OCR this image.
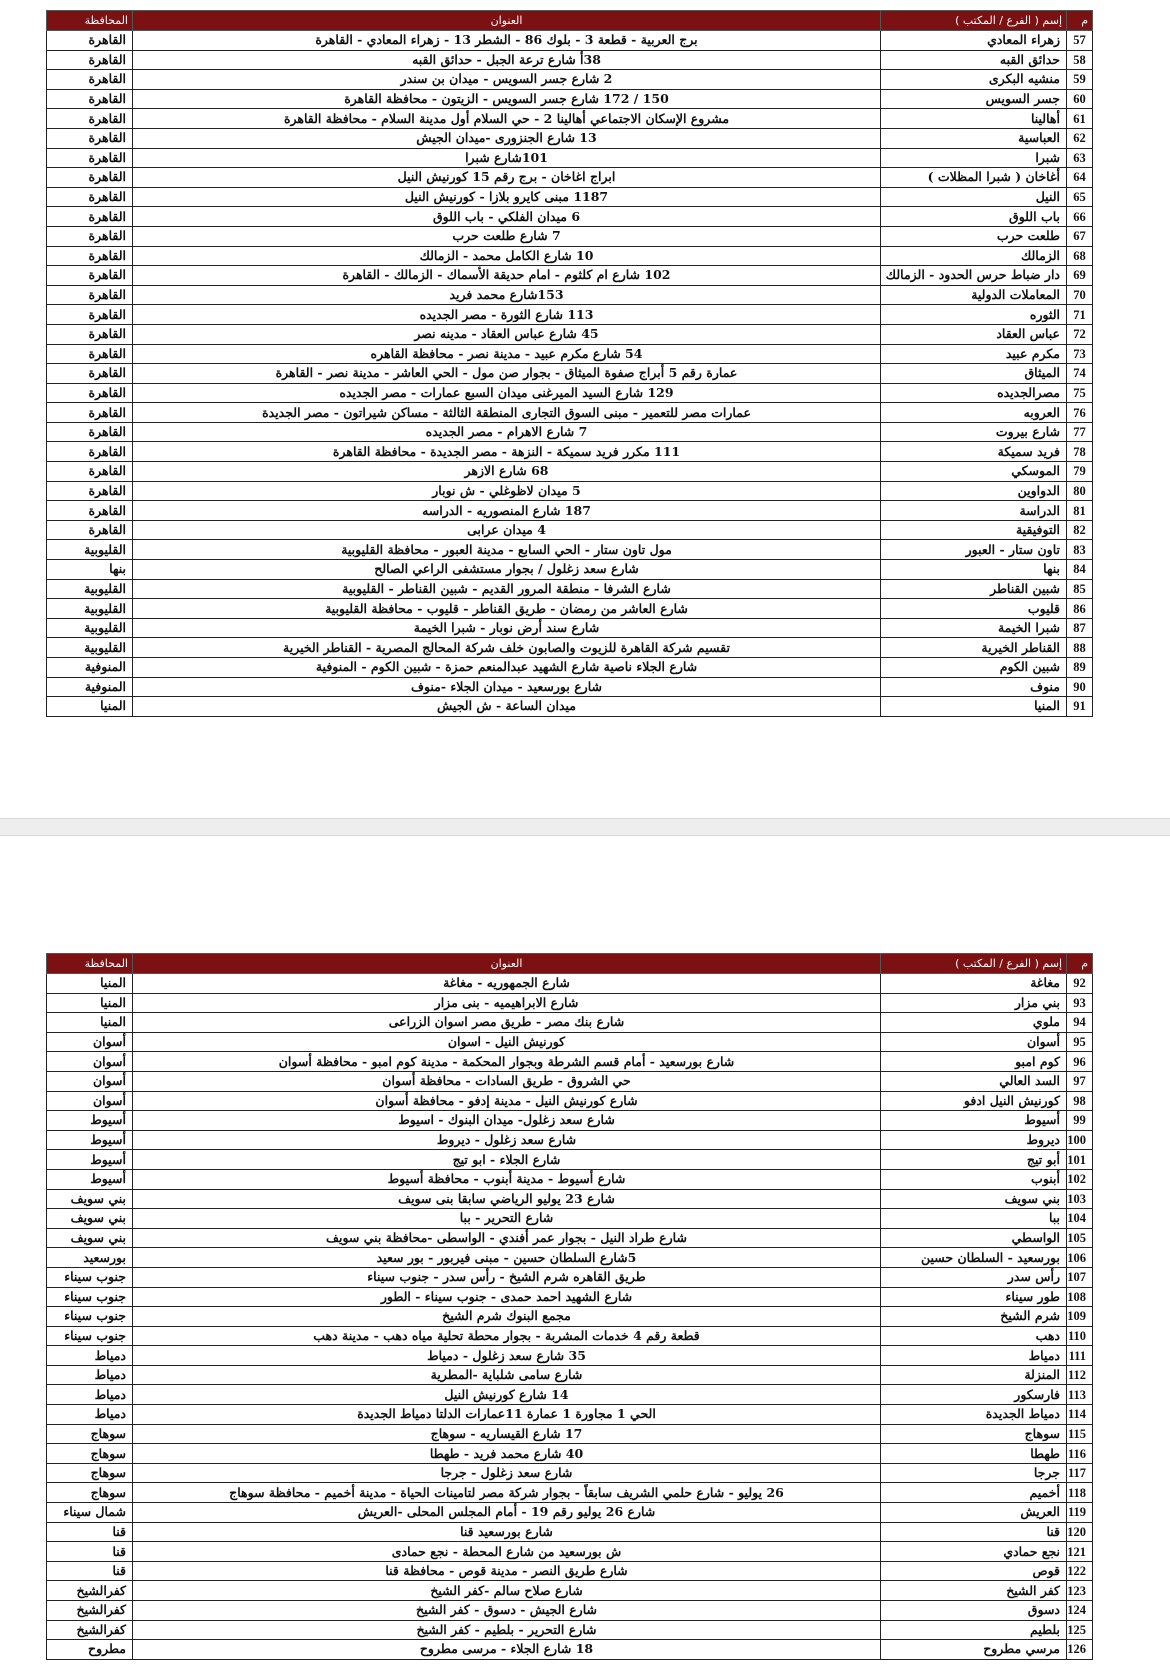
م	إسم ( الفرع / المكتب )	العنوان	المحافظة
57	زهراء المعادي	برج العربية - قطعة 3 - بلوك 86 - الشطر 13 - زهراء المعادي - القاهرة	القاهرة
58	حدائق القبه	38أ شارع ترعة الجبل - حدائق القبه	القاهرة
59	منشيه البكرى	2 شارع جسر السويس - ميدان بن سندر	القاهرة
60	جسر السويس	150 / 172 شارع جسر السويس - الزيتون - محافظة القاهرة	القاهرة
61	أهالينا	مشروع الإسكان الاجتماعي أهالينا 2 - حي السلام أول مدينة السلام - محافظة القاهرة	القاهرة
62	العباسية	13 شارع الجنزورى -ميدان الجيش	القاهرة
63	شبرا	101شارع شبرا	القاهرة
64	أغاخان ( شبرا المظلات )	ابراج اغاخان - برج رقم 15 كورنيش النيل	القاهرة
65	النيل	1187 مبنى كايرو بلازا - كورنيش النيل	القاهرة
66	باب اللوق	6 ميدان الفلكي - باب اللوق	القاهرة
67	طلعت حرب	7 شارع طلعت حرب	القاهرة
68	الزمالك	10 شارع الكامل محمد - الزمالك	القاهرة
69	دار ضباط حرس الحدود - الزمالك	102 شارع ام كلثوم - امام حديقة الأسماك - الزمالك - القاهرة	القاهرة
70	المعاملات الدولية	153شارع محمد فريد	القاهرة
71	الثوره	113 شارع الثورة - مصر الجديده	القاهرة
72	عباس العقاد	45 شارع عباس العقاد - مدينه نصر	القاهرة
73	مكرم عبيد	54 شارع مكرم عبيد - مدينة نصر - محافظة القاهره	القاهرة
74	الميثاق	عمارة رقم 5 أبراج صفوة الميثاق - بجوار صن مول - الحي العاشر - مدينة نصر - القاهرة	القاهرة
75	مصرالجديده	129 شارع السيد الميرغنى ميدان السبع عمارات - مصر الجديده	القاهرة
76	العروبه	عمارات مصر للتعمير - مبنى السوق التجارى المنطقة الثالثة - مساكن شيراتون - مصر الجديدة	القاهرة
77	شارع بيروت	7 شارع الاهرام - مصر الجديده	القاهرة
78	فريد سميكة	111 مكرر فريد سميكة - النزهة - مصر الجديدة - محافظة القاهرة	القاهرة
79	الموسكي	68 شارع الازهر	القاهرة
80	الدواوين	5 ميدان لاظوغلي - ش نوبار	القاهرة
81	الدراسة	187 شارع المنصوريه - الدراسه	القاهرة
82	التوفيقية	4 ميدان عرابى	القاهرة
83	تاون ستار - العبور	مول تاون ستار - الحي السابع - مدينة العبور - محافظة القليوبية	القليوبية
84	بنها	شارع سعد زغلول / بجوار مستشفى الراعي الصالح	بنها
85	شبين القناطر	شارع الشرفا - منطقة المرور القديم - شبين القناطر - القليوبية	القليوبية
86	قليوب	شارع العاشر من رمضان - طريق القناطر - قليوب - محافظة القليوبية	القليوبية
87	شبرا الخيمة	شارع سند أرض نوبار - شبرا الخيمة	القليوبية
88	القناطر الخيرية	تقسيم شركة القاهرة للزيوت والصابون خلف شركة المحالج المصرية - القناطر الخيرية	القليوبية
89	شبين الكوم	شارع الجلاء ناصية شارع الشهيد عبدالمنعم حمزة - شبين الكوم - المنوفية	المنوفية
90	منوف	شارع بورسعيد - ميدان الجلاء -منوف	المنوفية
91	المنيا	ميدان الساعة - ش الجيش	المنيا
م	إسم ( الفرع / المكتب )	العنوان	المحافظة
92	مغاغة	شارع الجمهوريه - مغاغة	المنيا
93	بني مزار	شارع الابراهيميه - بنى مزار	المنيا
94	ملوي	شارع بنك مصر - طريق مصر اسوان الزراعى	المنيا
95	أسوان	كورنيش النيل - اسوان	أسوان
96	كوم امبو	شارع بورسعيد - أمام قسم الشرطة وبجوار المحكمة - مدينة كوم امبو - محافظة أسوان	أسوان
97	السد العالي	حي الشروق - طريق السادات - محافظة أسوان	أسوان
98	كورنيش النيل ادفو	شارع كورنيش النيل - مدينة إدفو - محافظة أسوان	أسوان
99	أسيوط	شارع سعد زغلول- ميدان البنوك - اسيوط	أسيوط
100	ديروط	شارع سعد زغلول - ديروط	أسيوط
101	أبو تيج	شارع الجلاء - ابو تيج	أسيوط
102	أبنوب	شارع أسيوط - مدينة أبنوب - محافظة أسيوط	أسيوط
103	بني سويف	شارع 23 يوليو الرياضي سابقا بنى سويف	بني سويف
104	ببا	شارع التحرير - ببا	بني سويف
105	الواسطي	شارع طراد النيل - بجوار عمر أفندي - الواسطى -محافظة بني سويف	بني سويف
106	بورسعيد - السلطان حسين	5شارع السلطان حسين - مبنى فيربور - بور سعيد	بورسعيد
107	رأس سدر	طريق القاهره شرم الشيخ - رأس سدر - جنوب سيناء	جنوب سيناء
108	طور سيناء	شارع الشهيد احمد حمدى - جنوب سيناء - الطور	جنوب سيناء
109	شرم الشيخ	مجمع البنوك شرم الشيخ	جنوب سيناء
110	دهب	قطعة رقم 4 خدمات المشربة - بجوار محطة تحلية مياه دهب - مدينة دهب	جنوب سيناء
111	دمياط	35 شارع سعد زغلول - دمياط	دمياط
112	المنزلة	شارع سامى شلباية -المطرية	دمياط
113	فارسكور	14 شارع كورنيش النيل	دمياط
114	دمياط الجديدة	الحي 1 مجاورة 1 عمارة 11عمارات الدلتا دمياط الجديدة	دمياط
115	سوهاج	17 شارع القيساريه - سوهاج	سوهاج
116	طهطا	40 شارع محمد فريد - طهطا	سوهاج
117	جرجا	شارع سعد زغلول - جرجا	سوهاج
118	أخميم	26 يوليو - شارع حلمي الشريف سابقاً - بجوار شركة مصر لتامينات الحياة - مدينة أخميم - محافظة سوهاج	سوهاج
119	العريش	شارع 26 يوليو رقم 19 - أمام المجلس المحلى -العريش	شمال سيناء
120	قنا	شارع بورسعيد قنا	قنا
121	نجع حمادي	ش بورسعيد من شارع المحطة - نجع حمادى	قنا
122	قوص	شارع طريق النصر - مدينة قوص - محافظة قنا	قنا
123	كفر الشيخ	شارع صلاح سالم -كفر الشيخ	كفرالشيخ
124	دسوق	شارع الجيش - دسوق - كفر الشيخ	كفرالشيخ
125	بلطيم	شارع التحرير - بلطيم - كفر الشيخ	كفرالشيخ
126	مرسي مطروح	18 شارع الجلاء - مرسى مطروح	مطروح
